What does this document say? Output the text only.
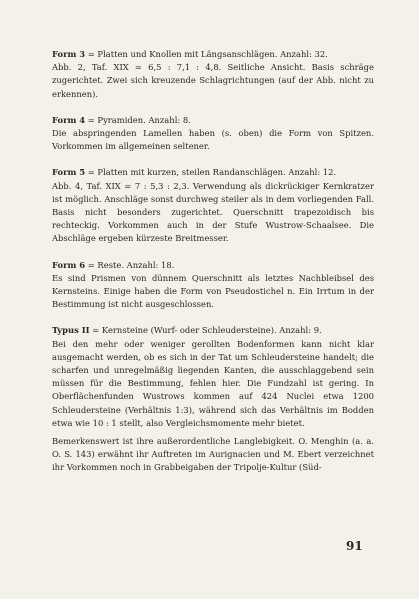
Form 3 = Platten und Knollen mit Längsanschlägen. Anzahl: 32.

Abb. 2, Taf. XIX = 6,5 : 7,1 : 4,8. Seitliche Ansicht. Basis schräge zugerichtet. Zwei sich kreuzende Schlagrichtungen (auf der Abb. nicht zu erkennen).

Form 4 = Pyramiden. Anzahl: 8.

Die abspringenden Lamellen haben (s. oben) die Form von Spitzen. Vorkommen im allgemeinen seltener.

Form 5 = Platten mit kurzen, steilen Randanschlägen. Anzahl: 12.

Abb. 4, Taf. XIX = 7 : 5,3 : 2,3. Verwendung als dickrückiger Kernkratzer ist möglich. Anschläge sonst durchweg steiler als in dem vorliegenden Fall. Basis nicht besonders zugerichtet. Querschnitt trapezoidisch bis rechteckig. Vorkommen auch in der Stufe Wustrow-Schaalsee. Die Abschläge ergeben kürzeste Breitmesser.

Form 6 = Reste. Anzahl: 18.

Es sind Prismen von dünnem Querschnitt als letztes Nachbleibsel des Kernsteins. Einige haben die Form von Pseudostichel n. Ein Irrtum in der Bestimmung ist nicht ausgeschlossen.

Typus II = Kernsteine (Wurf- oder Schleudersteine). Anzahl: 9.

Bei den mehr oder weniger gerollten Bodenformen kann nicht klar ausgemacht werden, ob es sich in der Tat um Schleudersteine handelt; die scharfen und unregelmäßig liegenden Kanten, die ausschlaggebend sein müssen für die Bestimmung, fehlen hier. Die Fundzahl ist gering. In Oberflächenfunden Wustrows kommen auf 424 Nuclei etwa 1200 Schleudersteine (Verhältnis 1:3), während sich das Verhältnis im Bodden etwa wie 10 : 1 stellt, also Vergleichsmomente mehr bietet.

Bemerkenswert ist ihre außerordentliche Langlebigkeit. O. Menghin (a. a. O. S. 143) erwähnt ihr Auftreten im Aurignacien und M. Ebert verzeichnet ihr Vorkommen noch in Grabbeigaben der Tripolje-Kultur (Süd-

91
